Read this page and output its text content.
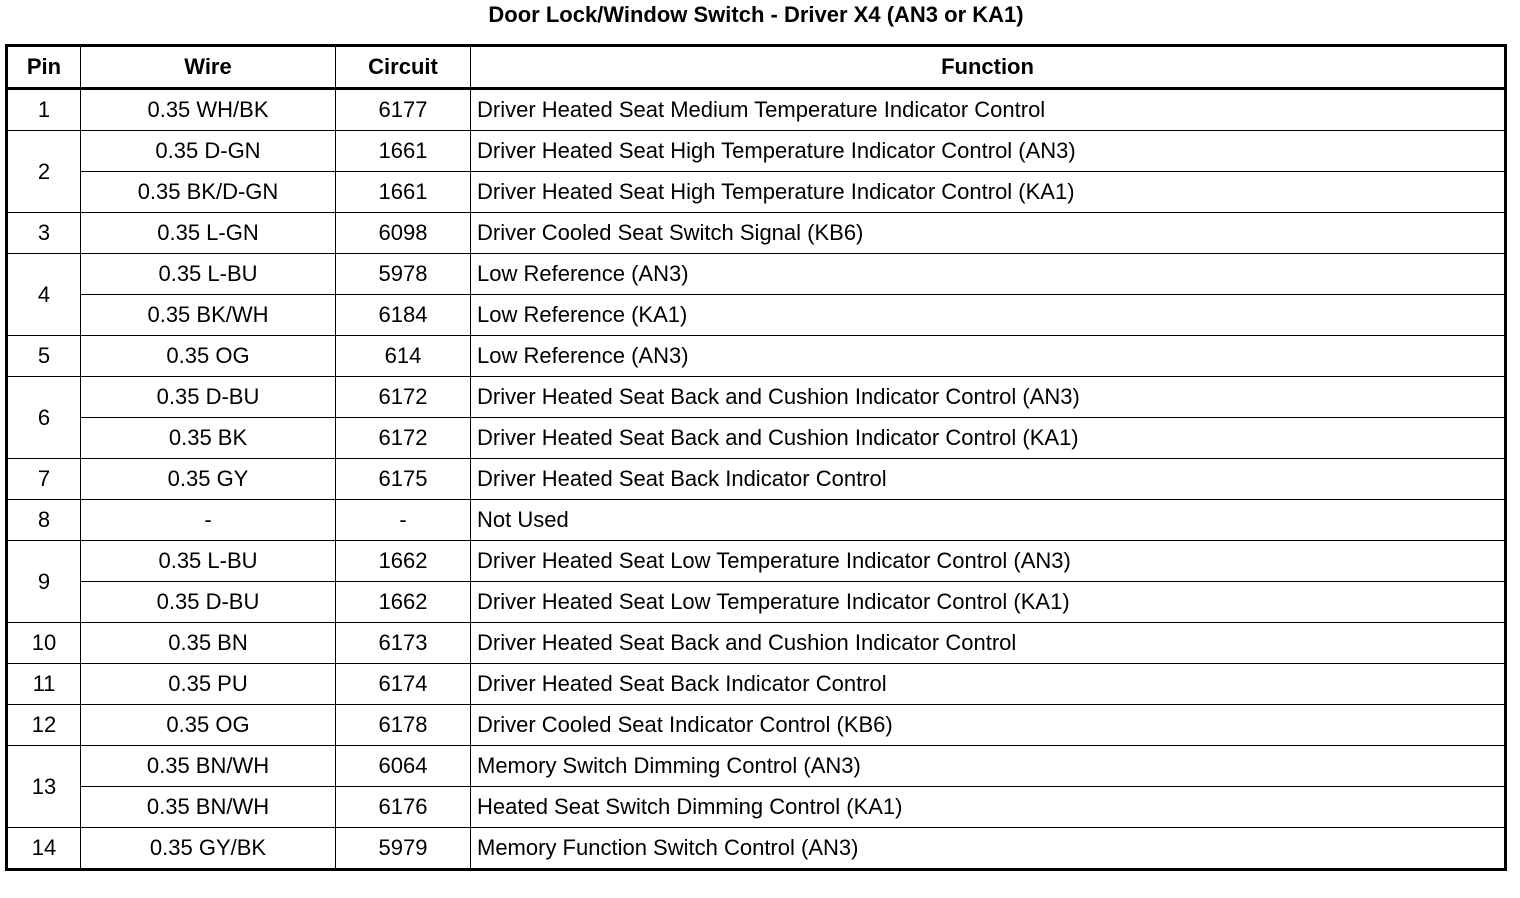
Door Lock/Window Switch - Driver X4 (AN3 or KA1)
Pin	Wire	Circuit	Function
1	0.35 WH/BK	6177	Driver Heated Seat Medium Temperature Indicator Control
2	0.35 D-GN	1661	Driver Heated Seat High Temperature Indicator Control (AN3)
	0.35 BK/D-GN	1661	Driver Heated Seat High Temperature Indicator Control (KA1)
3	0.35 L-GN	6098	Driver Cooled Seat Switch Signal (KB6)
4	0.35 L-BU	5978	Low Reference (AN3)
	0.35 BK/WH	6184	Low Reference (KA1)
5	0.35 OG	614	Low Reference (AN3)
6	0.35 D-BU	6172	Driver Heated Seat Back and Cushion Indicator Control (AN3)
	0.35 BK	6172	Driver Heated Seat Back and Cushion Indicator Control (KA1)
7	0.35 GY	6175	Driver Heated Seat Back Indicator Control
8	-	-	Not Used
9	0.35 L-BU	1662	Driver Heated Seat Low Temperature Indicator Control (AN3)
	0.35 D-BU	1662	Driver Heated Seat Low Temperature Indicator Control (KA1)
10	0.35 BN	6173	Driver Heated Seat Back and Cushion Indicator Control
11	0.35 PU	6174	Driver Heated Seat Back Indicator Control
12	0.35 OG	6178	Driver Cooled Seat Indicator Control (KB6)
13	0.35 BN/WH	6064	Memory Switch Dimming Control (AN3)
	0.35 BN/WH	6176	Heated Seat Switch Dimming Control (KA1)
14	0.35 GY/BK	5979	Memory Function Switch Control (AN3)
